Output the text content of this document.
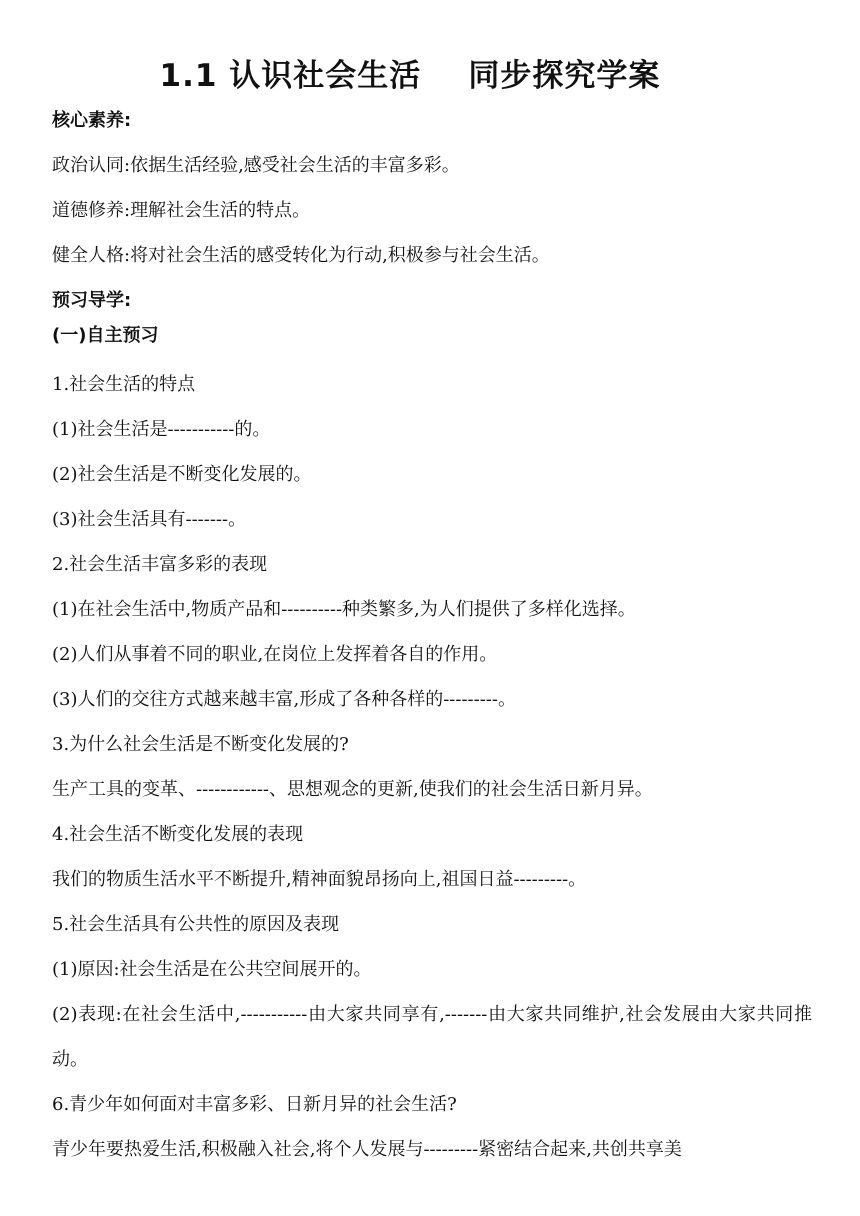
1.1 认识社会生活    同步探究学案
核心素养:
政治认同:依据生活经验,感受社会生活的丰富多彩。
道德修养:理解社会生活的特点。
健全人格:将对社会生活的感受转化为行动,积极参与社会生活。
预习导学:
(一)自主预习
1.社会生活的特点
(1)社会生活是-----------的。
(2)社会生活是不断变化发展的。
(3)社会生活具有-------。
2.社会生活丰富多彩的表现
(1)在社会生活中,物质产品和----------种类繁多,为人们提供了多样化选择。
(2)人们从事着不同的职业,在岗位上发挥着各自的作用。
(3)人们的交往方式越来越丰富,形成了各种各样的---------。
3.为什么社会生活是不断变化发展的?
生产工具的变革、------------、思想观念的更新,使我们的社会生活日新月异。
4.社会生活不断变化发展的表现
我们的物质生活水平不断提升,精神面貌昂扬向上,祖国日益---------。
5.社会生活具有公共性的原因及表现
(1)原因:社会生活是在公共空间展开的。
(2)表现:在社会生活中,-----------由大家共同享有,-------由大家共同维护,社会发展由大家共同推动。
6.青少年如何面对丰富多彩、日新月异的社会生活?
青少年要热爱生活,积极融入社会,将个人发展与---------紧密结合起来,共创共享美
